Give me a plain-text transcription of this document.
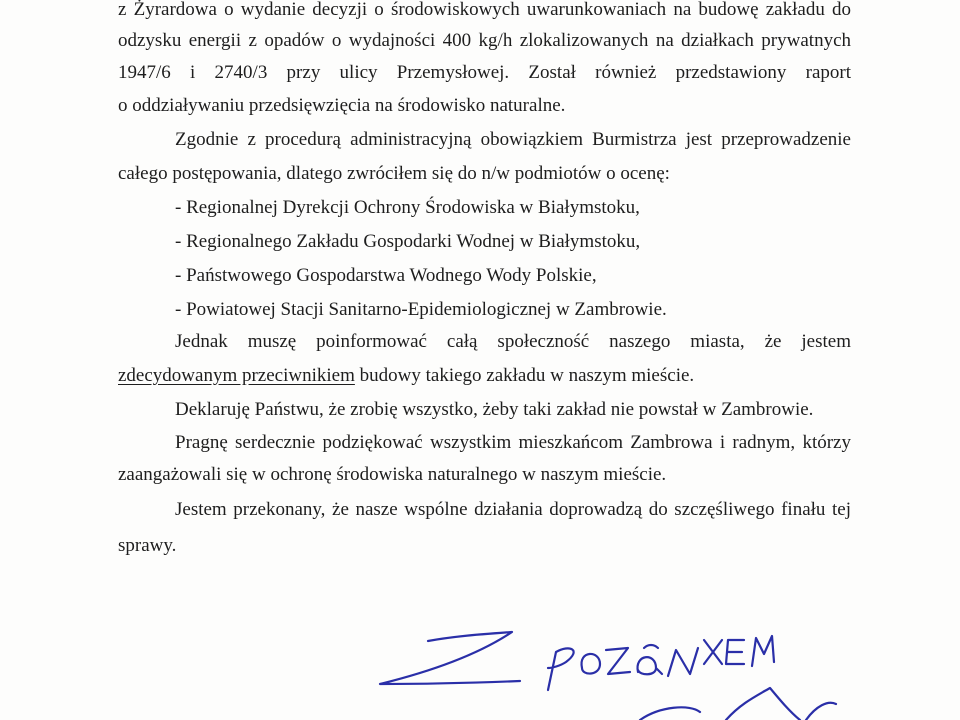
z Żyrardowa o wydanie decyzji o środowiskowych uwarunkowaniach na budowę zakładu do
odzysku energii z opadów o wydajności 400 kg/h zlokalizowanych na działkach prywatnych
1947/6 i 2740/3 przy ulicy Przemysłowej. Został również przedstawiony raport
o oddziaływaniu przedsięwzięcia na środowisko naturalne.
Zgodnie z procedurą administracyjną obowiązkiem Burmistrza jest przeprowadzenie
całego postępowania, dlatego zwróciłem się do n/w podmiotów o ocenę:
- Regionalnej Dyrekcji Ochrony Środowiska w Białymstoku,
- Regionalnego Zakładu Gospodarki Wodnej w Białymstoku,
- Państwowego Gospodarstwa Wodnego Wody Polskie,
- Powiatowej Stacji Sanitarno-Epidemiologicznej w Zambrowie.
Jednak muszę poinformować całą społeczność naszego miasta, że jestem
zdecydowanym przeciwnikiem budowy takiego zakładu w naszym mieście.
Deklaruję Państwu, że zrobię wszystko, żeby taki zakład nie powstał w Zambrowie.
Pragnę serdecznie podziękować wszystkim mieszkańcom Zambrowa i radnym, którzy
zaangażowali się w ochronę środowiska naturalnego w naszym mieście.
Jestem przekonany, że nasze wspólne działania doprowadzą do szczęśliwego finału tej
sprawy.
